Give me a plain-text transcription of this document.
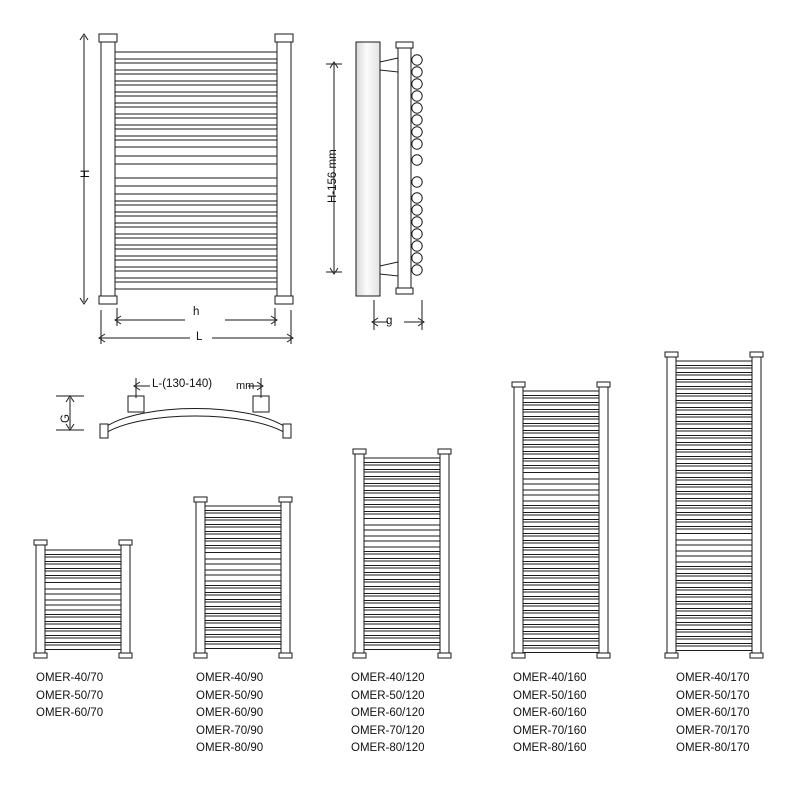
H
h
L
H-156 mm
g
G
L-(130-140) mm
OMER-40/70
OMER-50/70
OMER-60/70
OMER-40/90
OMER-50/90
OMER-60/90
OMER-70/90
OMER-80/90
OMER-40/120
OMER-50/120
OMER-60/120
OMER-70/120
OMER-80/120
OMER-40/160
OMER-50/160
OMER-60/160
OMER-70/160
OMER-80/160
OMER-40/170
OMER-50/170
OMER-60/170
OMER-70/170
OMER-80/170
